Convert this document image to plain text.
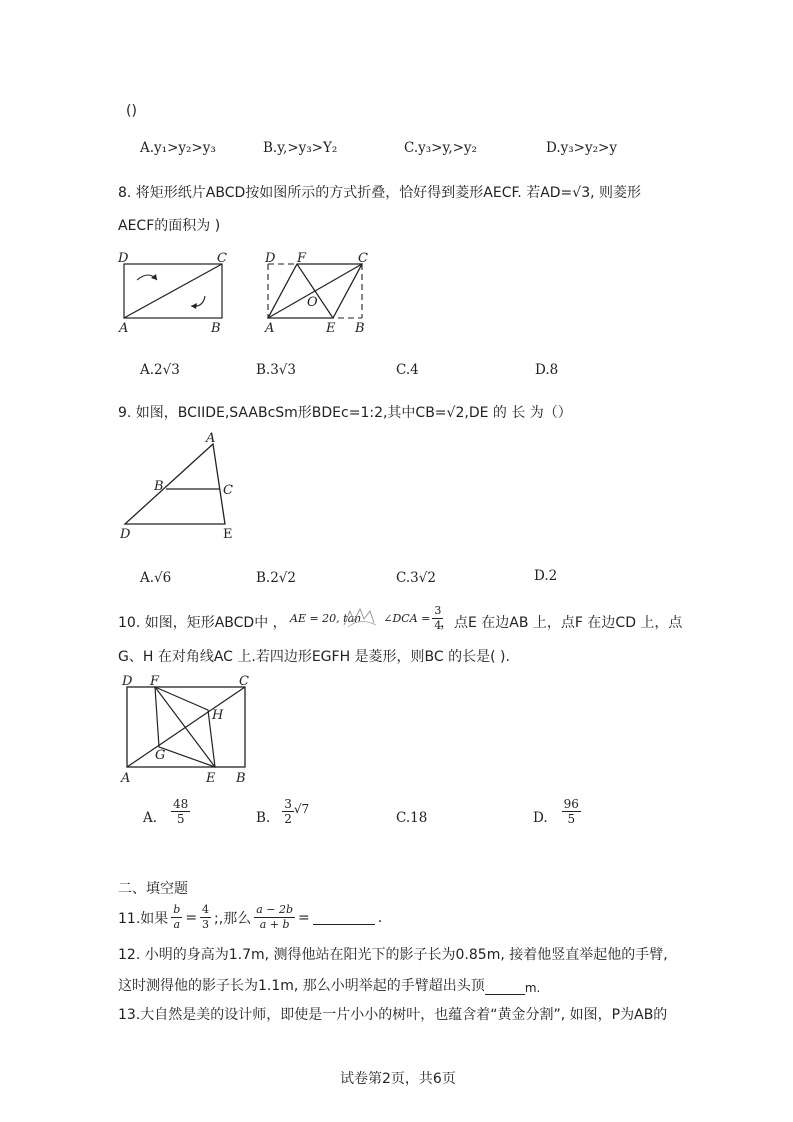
()
A.y₁>y₂>y₃	B.y,>y₃>Y₂	C.y₃>y,>y₂	D.y₃>y₂>y
8. 将矩形纸片ABCD按如图所示的方式折叠，恰好得到菱形AECF. 若AD=√3, 则菱形
AECF的面积为 )
D	C
A	B
D F	C
O
A	E B
A.2√3	B.3√3	C.4	D.8
9. 如图，BCIIDE,SAABcSm形BDEc=1:2,其中CB=√2,DE 的 长 为（）
A
B	C
D	E
A.√6	B.2√2	C.3√2	D.2
10. 如图，矩形ABCD中 ， AE = 20, tan ∠DCA = $\frac{3}{4}$
，点E 在边AB 上，点F 在边CD 上，点
G、H 在对角线AC 上.若四边形EGFH 是菱形，则BC 的长是( ).
D F	C
H
G
A	E B
A. $\frac{48}{5}$	B. $\frac{3}{2} √7$
C.18	D. $\frac{96}{5}$
二、填空题
11.如果 $\frac{b}{a} = \frac{4}{3}$ ;,那么 $\frac{a - 2b}{a + b}$ =	.
12. 小明的身高为1.7m, 测得他站在阳光下的影子长为0.85m, 接着他竖直举起他的手臂,
这时测得他的影子长为1.1m, 那么小明举起的手臂超出头顶	m.
13.大自然是美的设计师，即使是一片小小的树叶，也蕴含着“黄金分割”, 如图，P为AB的
试卷第2页，共6页
